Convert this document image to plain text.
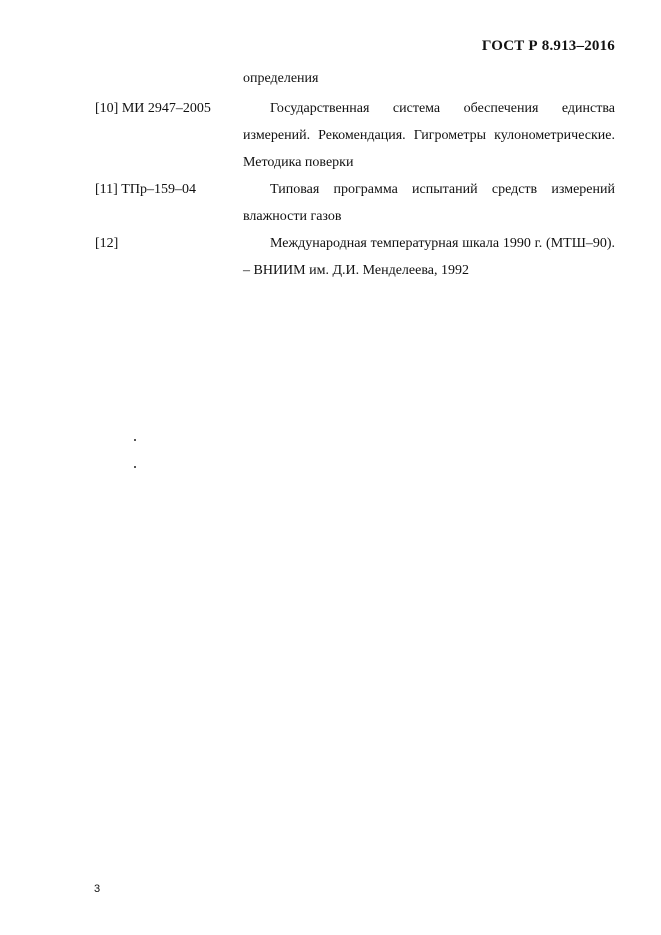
ГОСТ Р 8.913–2016
определения
[10] МИ 2947–2005	Государственная система обеспечения единства измерений. Рекомендация. Гигрометры кулонометрические. Методика поверки
[11] ТПр–159–04	Типовая программа испытаний средств измерений влажности газов
[12]	Международная температурная шкала 1990 г. (МТШ–90). – ВНИИМ им. Д.И. Менделеева, 1992
3
